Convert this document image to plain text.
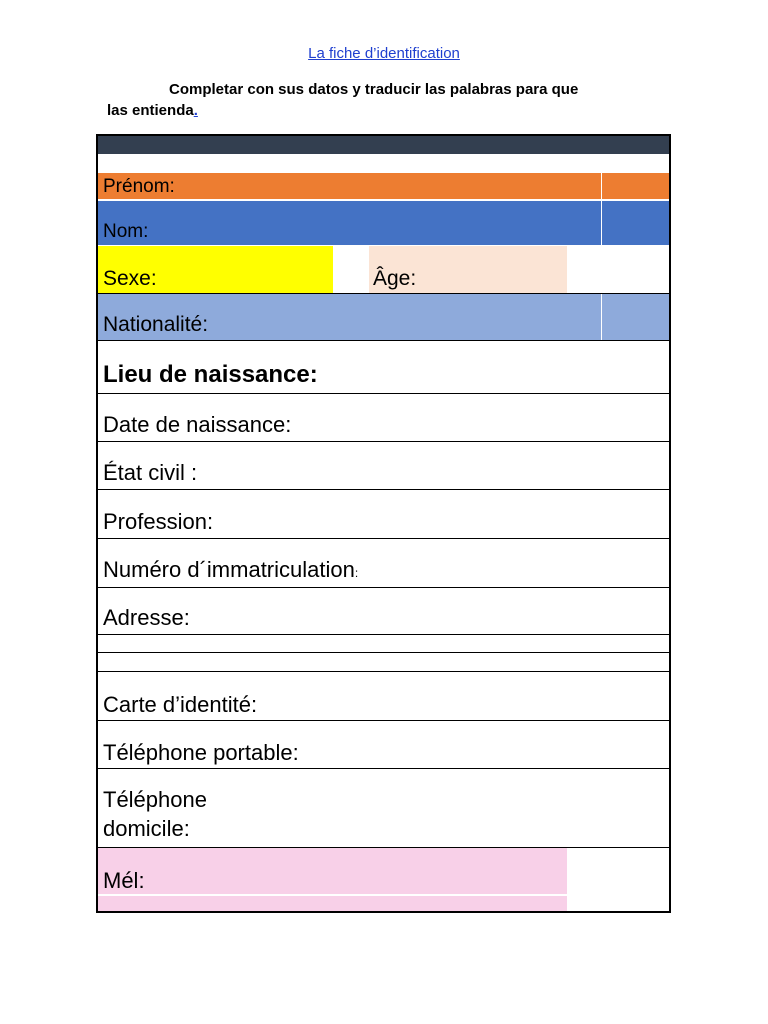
La fiche d’identification
Completar con sus datos y traducir las palabras para que
las entienda.
Prénom:
Nom:
Sexe:	Âge:
Nationalité:
Lieu de naissance:
Date de naissance:
État civil :
Profession:
Numéro d´immatriculation:
Adresse:
Carte d’identité:
Téléphone portable:
Téléphone
domicile:
Mél:
